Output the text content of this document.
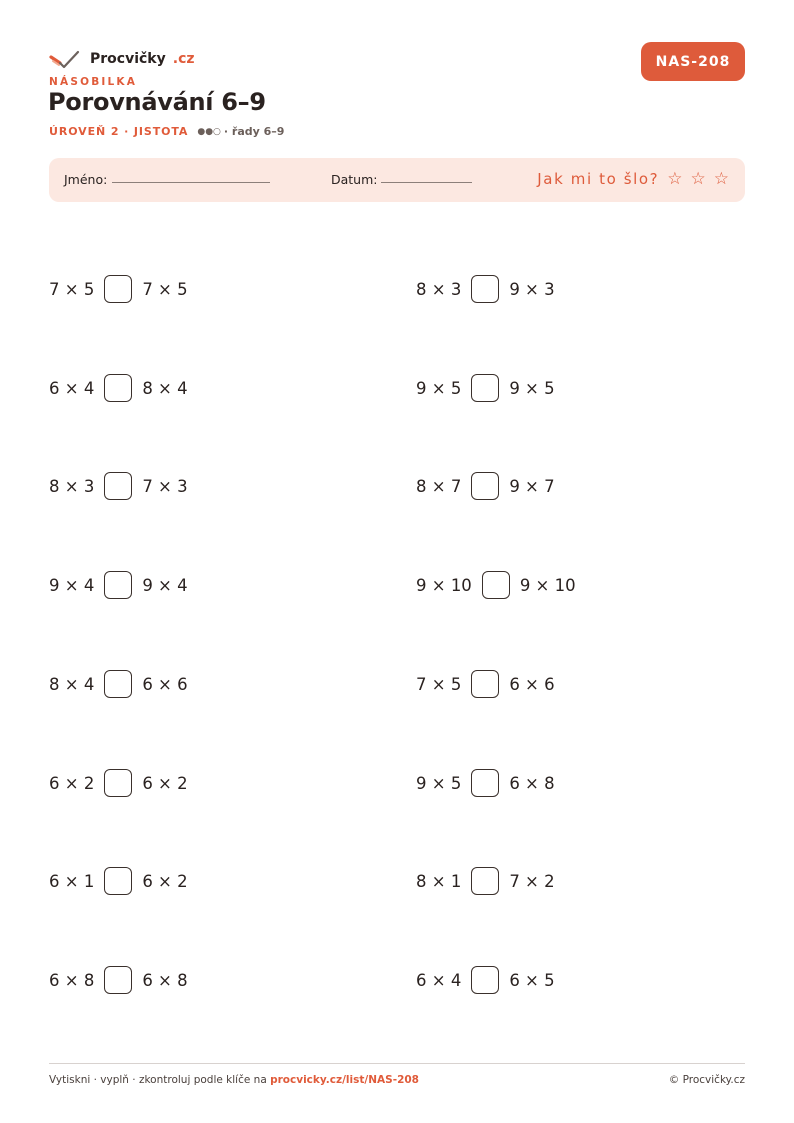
Procvičky .cz	NAS-208
NÁSOBILKA
Porovnávání 6–9
ÚROVEŇ 2 · JISTOTA ●●○ · řady 6–9
Jméno:	Datum:	Jak mi to šlo? ☆ ☆ ☆
7 × 5	7 × 5
6 × 4	8 × 4
8 × 3	7 × 3
9 × 4	9 × 4
8 × 4	6 × 6
6 × 2	6 × 2
6 × 1	6 × 2
6 × 8	6 × 8
8 × 3	9 × 3
9 × 5	9 × 5
8 × 7	9 × 7
9 × 10	9 × 10
7 × 5	6 × 6
9 × 5	6 × 8
8 × 1	7 × 2
6 × 4	6 × 5
Vytiskni · vyplň · zkontroluj podle klíče na procvicky.cz/list/NAS-208	© Procvičky.cz
